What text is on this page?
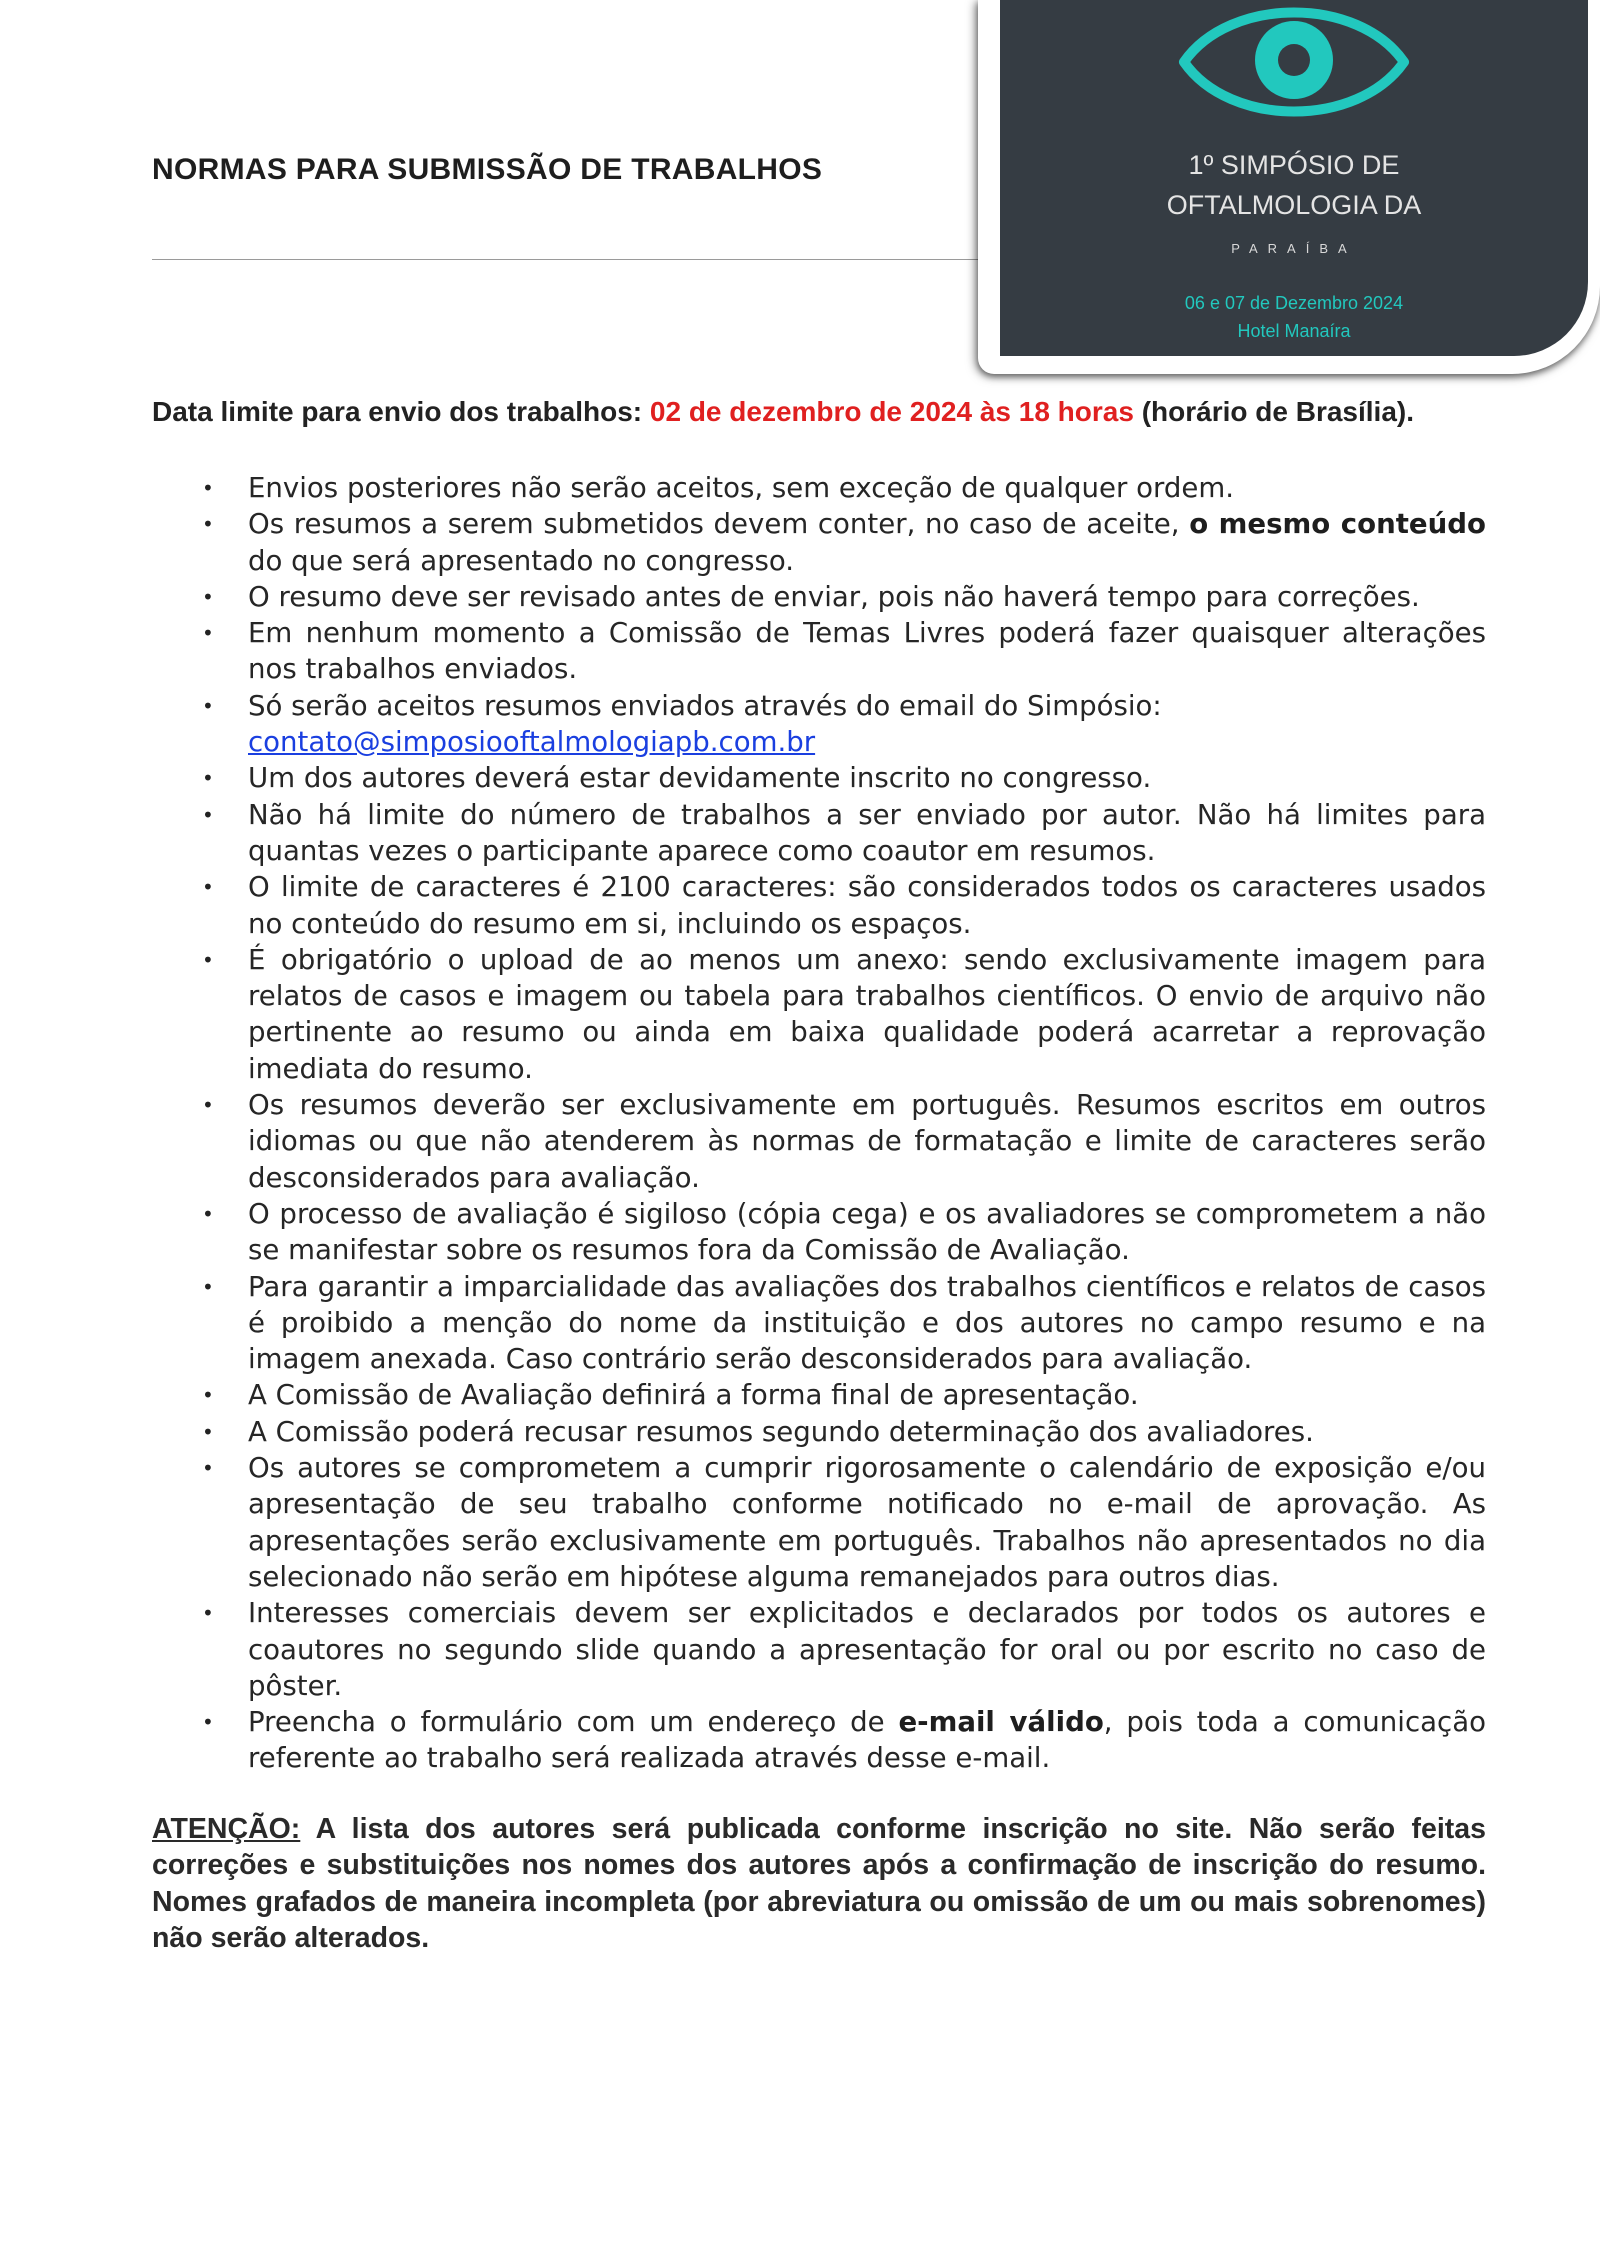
NORMAS PARA SUBMISSÃO DE TRABALHOS	1º SIMPÓSIO DE
OFTALMOLOGIA DA
PARAÍBA
06 e 07 de Dezembro 2024
Hotel Manaíra
Data limite para envio dos trabalhos: 02 de dezembro de 2024 às 18 horas (horário de Brasília).
• Envios posteriores não serão aceitos, sem exceção de qualquer ordem.
• Os resumos a serem submetidos devem conter, no caso de aceite, o mesmo conteúdo do que será apresentado no congresso.
• O resumo deve ser revisado antes de enviar, pois não haverá tempo para correções.
• Em nenhum momento a Comissão de Temas Livres poderá fazer quaisquer alterações nos trabalhos enviados.
• Só serão aceitos resumos enviados através do email do Simpósio:
contato@simposiooftalmologiapb.com.br
• Um dos autores deverá estar devidamente inscrito no congresso.
• Não há limite do número de trabalhos a ser enviado por autor. Não há limites para quantas vezes o participante aparece como coautor em resumos.
• O limite de caracteres é 2100 caracteres: são considerados todos os caracteres usados no conteúdo do resumo em si, incluindo os espaços.
• É obrigatório o upload de ao menos um anexo: sendo exclusivamente imagem para relatos de casos e imagem ou tabela para trabalhos científicos. O envio de arquivo não pertinente ao resumo ou ainda em baixa qualidade poderá acarretar a reprovação imediata do resumo.
• Os resumos deverão ser exclusivamente em português. Resumos escritos em outros idiomas ou que não atenderem às normas de formatação e limite de caracteres serão desconsiderados para avaliação.
• O processo de avaliação é sigiloso (cópia cega) e os avaliadores se comprometem a não se manifestar sobre os resumos fora da Comissão de Avaliação.
• Para garantir a imparcialidade das avaliações dos trabalhos científicos e relatos de casos é proibido a menção do nome da instituição e dos autores no campo resumo e na imagem anexada. Caso contrário serão desconsiderados para avaliação.
• A Comissão de Avaliação definirá a forma final de apresentação.
• A Comissão poderá recusar resumos segundo determinação dos avaliadores.
• Os autores se comprometem a cumprir rigorosamente o calendário de exposição e/ou apresentação de seu trabalho conforme notificado no e-mail de aprovação. As apresentações serão exclusivamente em português. Trabalhos não apresentados no dia selecionado não serão em hipótese alguma remanejados para outros dias.
• Interesses comerciais devem ser explicitados e declarados por todos os autores e coautores no segundo slide quando a apresentação for oral ou por escrito no caso de pôster.
• Preencha o formulário com um endereço de e-mail válido, pois toda a comunicação referente ao trabalho será realizada através desse e-mail.
ATENÇÃO: A lista dos autores será publicada conforme inscrição no site. Não serão feitas correções e substituições nos nomes dos autores após a confirmação de inscrição do resumo. Nomes grafados de maneira incompleta (por abreviatura ou omissão de um ou mais sobrenomes) não serão alterados.
